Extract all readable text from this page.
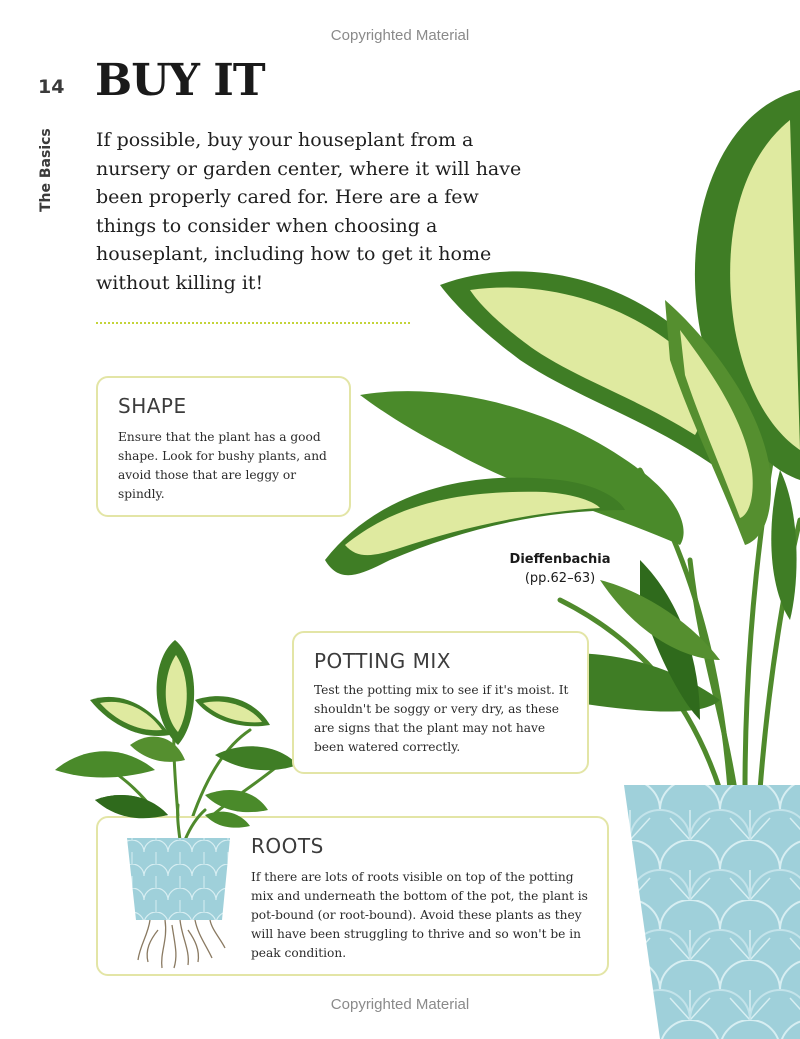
Copyrighted Material
14
The Basics
BUY IT

If possible, buy your houseplant from a nursery or garden center, where it will have been properly cared for. Here are a few things to consider when choosing a houseplant, including how to get it home without killing it!

SHAPE

Ensure that the plant has a good shape. Look for bushy plants, and avoid those that are leggy or spindly.

Dieffenbachia
(pp.62–63)
POTTING MIX

Test the potting mix to see if it's moist. It shouldn't be soggy or very dry, as these are signs that the plant may not have been watered correctly.

ROOTS

If there are lots of roots visible on top of the potting mix and underneath the bottom of the pot, the plant is pot-bound (or root-bound). Avoid these plants as they will have been struggling to thrive and so won't be in peak condition.

Copyrighted Material
